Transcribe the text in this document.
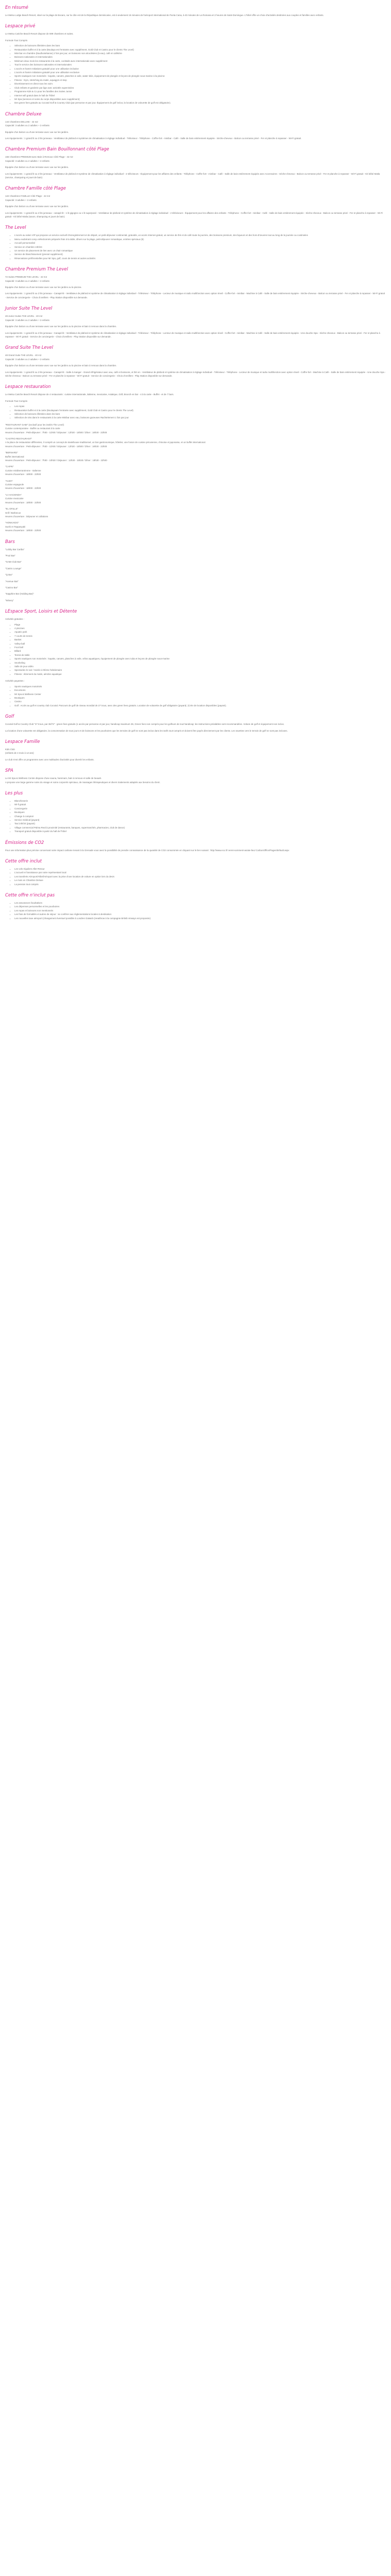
En résumé

Le Metsu Lodge Beach Resort, situé sur la plage de Bocaro, sur la côte est de la République dominicaine, est à seulement 15 minutes de l'aéroport international de Punta Cana, à 40 minutes de La Romana et 2 heures de Saint-Domingue. L'hôtel offre un choix d'activités destinées aux couples et familles avec enfants.

Lespace privé

Le Metsu Cariche Beach Resort dispose de 599 chambres et suites.

Formule Tout Compris

• Sélection de boissons illimitées dans les bars
• Restauration buffet et à la carte (Boulaya est l'entrante avec supplément, Gold Club et Castro pour le clients The Level)
• Mini-bar en chambre (Eau/boisétanne) 2 fois par jour, en boissons non alcoolisées (à eau), café et cafétière
• Boissons nationales et internationales
• Minimum deux mois les restaurants à la carte, cocktails avec internationale avec supplément
• Tout le service des boissons nationales et internationales
• L'accès et hamm Initiations gratuité pour une utilisation inclusive
• L'accès et hamm Initiations gratuité pour une utilisation exclusive
• Sports nautiques non motorisés : kayaks, canoës, planches à voile, water skiis, équipement de plongée et leçons de plongée sous-marine à la piscine
• Fitness : Gym, stretching du matin, aquagym et step
• Divertissement en direct tous les soirs
• Club enfants et garderie par âge avec activités supervisées
• Programme Kids & Co pour les familles des Suites Junior
• Internet wifi gratuit dans le hall de l'hôtel
• Mr Spa (services et soins du corps disponibles avec supplément)
• Des green fees gratuits au Cocotal Golf & Country Club (par personne et par jour. Équipement de golf inclus, la location de voiturette de golf est obligatoire).
Chambre Deluxe

144 Chambres DELUXE - 42 m2
Capacité: 3 adultes ou 2 adultes + 2 enfants

Équipée d'un balcon ou d'une terrasse avec vue sur les jardins.

Les équipements : 1 grand lit ou 2 lits jumeaux - Ventilateur de plafond et systèmes de climatisation à réglage individuel - Téléviseur - Téléphone - Coffre-fort - minibar - Café - Salle de bain entièrement équipée - Sèche-cheveux - Balcon ou terrasse privé - Fer et planche à repasser - Wi-Fi gratuit.

Chambre Premium Bain Bouillonnant côté Plage

166 Chambres PREMIUM avec Bain à Remous Côté Plage - 42 m2
Capacité: 3 adultes ou 2 adultes + 2 enfants

Équipée d'un balcon ou d'une terrasse avec vue sur les jardins.

Les équipements : 1 grand lit ou 2 lits jumeaux - Ventilateur de plafond et système de climatisation à réglage individuel - 2 téléviseurs - Équipement pour les affaires des enfants - Téléphone - Coffre-fort - minibar - Café - Salle de bain entièrement équipée avec Accessoires - Sèche-cheveux - Balcon ou terrasse privé - Fer et planche à repasser - Wi-Fi gratuit - Kit bébé Matla (service, champoing et jouet de bain)

Chambre Famille côté Plage

122 Chambres FAMILLE Côté Plage - 42 m2
Capacité: 3 adultes + 2 enfants

Équipée d'un balcon ou d'une terrasse avec vue sur les jardins.

Les équipements : 1 grand lit ou 2 lits jumeaux - canapé-lit - 1 lit gigogne ou 1 lit superposé - Ventilateur de plafond et système de climatisation à réglage individuel - 2 téléviseurs - Équipement pour les affaires des enfants - Téléphone - Coffre-fort - minibar - Café - Salle de bain entièrement équipée - Sèche-cheveux - Balcon ou terrasse privé - Fer et planche à repasser - Wi-Fi gratuit - Kit bébé Matla (savon, shampoing et jouet de bain)

The Level
• L'accès au salon VIP qui propose un service exclusif d'enregistrement et de départ, un petit-déjeuner continental, gratuités, un accès Internet gratuit, un service de thé et de café toute la journée, des boissons premium, des liqueurs et des hors-d'œuvres tout au long de la journée ou coxtimeles
• Menu exubérant conçu sélectionnés préparés frais à la table, dîners sur la plage, petit-déjeuner romantique, entrées spéciaux (8)
• Accueil personnalisé
• Service en chambre 24h/24
• Un service de placement de lien avec un chair romantique
• Service de blanchissement (pressé supplément)
• Réservations préférentielles pour Mr Spa, golf, cours de tennis et autres activités
Chambre Premium The Level

72 Suites PREMIUM THE LEVEL - 42 m2
Capacité: 3 adultes ou 2 adultes + 2 enfants

Équipée d'un balcon ou d'une terrasse avec vue sur les jardins ou la piscine.

Les équipements : 1 grand lit ou 2 lits jumeaux - Canapé-lit - Ventilateur de plafond et système de climatisation à réglage individuel - Téléviseur - Téléphone - Lecteur de musique et radio multifonction avec option réveil - Coffre-fort - minibar - Machine à Café - Salle de bain entièrement équipée - Sèche-cheveux - Balcon ou terrasse privé - Fer et planche à repasser - Wi-Fi gratuit - Service de conciergerie - Choix d'oreillers - Play Station disponible sur demande.

Junior Suite The Level

48 Junior Suites THE LEVEL - 40 m2
Capacité: 3 adultes ou 2 adultes + 2 enfants

Équipée d'un balcon ou d'une terrasse avec vue sur les jardins ou la piscine et bain à remous dans la chambre.

Les équipements : 1 grand lit ou 2 lits jumeaux - Canapé-lit - Ventilateur de plafond et système de climatisation à réglage individuel - Téléviseur - Téléphone - Lecteur de musique et radio multifonction avec option réveil - Coffre-fort - minibar - Machine à Café - Salle de bain entièrement équipée - Une douche Spa - Sèche-cheveux - Balcon ou terrasse privé - Fer et planche à repasser - Wi-Fi gratuit - Service de conciergerie - Choix d'oreillers - Play Station disponible sur demande.

Grand Suite The Level

48 Grand Suite THE LEVEL - 40 m2
Capacité: 3 adultes ou 2 adultes + 2 enfants

Équipée d'un balcon ou d'une terrasse avec vue sur les jardins ou la piscine et bain à remous dans la chambre.

Les équipements : 1 grand lit ou 2 lits jumeaux - Canapé-lit - Salle à manger - Grand réfrigérateur avec eau, café et boissons, et thé en - Ventilateur de plafond et système de climatisation à réglage individuel - Téléviseur - Téléphone - Lecteur de musique et radio multifonction avec option réveil - Coffre-fort - Machine à Café - Salle de bain entièrement équipée - Une douche Spa - Sèche-cheveux - Balcon ou terrasse privé - Fer et planche à repasser - Wi-Fi gratuit - Service de conciergerie - Choix d'oreillers - Play Station disponible sur demande.

Lespace restauration

Le Metsu Cariche Beach Resort dispose de 4 restaurants : cuisine internationale, italienne, mexicaine, Asiatique, Grill, Brunch en bar - 4 à la carte - Buffet - et de 7 bars.

Formule Tout Compris

• Les repas
• Restauration buffet et à la carte (Boulayaam l'entrante avec supplément, Gold Club et Castro pour le clients The Level)
• Sélection de boissons illimitées dans les bars
• Sélection de vins dans le restaurants à la carte Minibar avec eau, boissons gazeuses Rachtelement 1 fois par jour

"RESTAURANT GABI" (exclusif pour les invités The Level)
Cuisine contemporaine - Buffet ou restaurant à la carte
Heures d'ouverture : Petit-déjeuner : 7h00 - 11h00 / Déjeuner : 12h30 - 16h00 / Dîner : 18h30 - 22h00

"CASTRO RESTAURANT"
A la place de restauration différentes, il comprit un concept de steakhouse traditionnel, un bar gastronomique, hôtelier, une fusion de cuisine péruvienne, chinoise et japonaise, et un buffet international.
Heures d'ouverture : Petit-déjeuner : 7h00 - 11h00 / Déjeuner : 12h30 - 16h00 / Dîner : 18h30 - 22h00

"BERNARD"
Buffet international
Heures d'ouverture : Petit-déjeuner : 7h00 - 10h30 / Déjeuner : 12h30 - 15h30 / Dîner : 18h30 - 22h00

"CAPRI"
Cuisine méditerranéenne - Italienne
Heures d'ouverture : 18h00 - 22h00

"ALMA"
Cuisine espagnole
Heures d'ouverture : 18h00 - 22h00

"LA HACIENDA"
Cuisine mexicaine
Heures d'ouverture : 18h00 - 22h00

"EL GRILLE"
Grill / Barbecue
Heures d'ouverture : Déjeuner et collations

"HONKAIDO"
Sushi et Teppanyaki
Heures d'ouverture : 18h00 - 22h00

Bars

"Lobby Bar Cariba"

"Pool Bar"

"GABI Club Bar"

"Castro Lounge"

"Q Bar"

"Avenue Bar"

"Casino Bar"

"Sapphire Bar (Holding Bar)"

"Winery"

LEspace Sport, Loisirs et Détente

Activités gratuites :

• Plage
• 4 piscines
• Aquatic park
• 7 courts de tennis
• Basket
• Volley-ball
• Foot ball
• Billard
• Tennis de table
• Sports nautiques non motorisés : kayaks, canoës, planches à voile, vélos aquatiques, équipement de plongée avec tuba et leçons de plongée sous-marine
• Snorkeling
• Salle de jeux vidéo
• Spectacles le soir / Soirée à thème hebdomaire
• Fitness : étirement du matin, aérobic aquatique

Activités payantes :

• Sports nautiques motorisés
• Excursions
• Mr Spa & Wellness Center
• Boutiques
• Casino
• Golf : Accès au golf et country club Cocotal. Parcours de golf de niveau mondial de 27 trous, avec des green fees gratuits. Location de voiturette de golf obligatoire (payant). (Crée de location disponibles (payant).
Golf

Cocotal Golf & Country Club "27 trous, par 36/72" : green fees gratuits (1 accès par personne et par jour, handicap maximum 36, Green fees non compris pour les golfeurs de tout handicap; les instructions préalables sont recommandées. Voiture de golf et équipement non inclus.

La location d'une voiturette est obligatoire, la consommation de tous jours et de boissons et les pourboires que les terrains de golf ne sont pas inclus dans les tarifs tout-compris et doivent être payés directement par les clients. Les navettes vers le terrain de golf ne sont pas incluses.

Lespace Famille

Kids Club
(enfants de 4 mois à 12 ans)

Le club s'est offre un programme avec une multitudes d'activités pour divertir les enfants.

SPA

Le Mr Spa & Wellness Centre dispose d'une sauna, hammam, bain à remous et salle de beauté.
A propose une large gamme soins du visage et soins corporels spéciaux, de massages thérapeutiques et divers traitements adaptés aux besoins du client.

Les plus
• Blanchisserie
• Wi-fi gratuit
• Conciergerie
• Boutiques
• Change à comptoir
• Service médical (payant)
• Taxi 24h/24 (payant)
• Village commercial Palma Real à proximité (restaurants, banques, supermarchés, pharmacies, club de dance)
• Transport gratuit disponible à partir du hall de l'hôtel
Émissions de CO2

Pour une information plus précise concernant notre impact carbone tenant à la Grenade vous avez la possibilité de prendre connaissance de la quantité de CO2 consommée en cliquant sur le lien suivant : http://www.eco.fr/ eeret-somment-aviate-lieu/ CarbonOffice/Pages/default.aspx

Cette offre inclut
• Les vols réguliers Aller-Retour
• L'accueil et l'assistance par notre représentant local
• Les transferts Aéroport/Hôtel/Aéroport avec la prise d'une location de voiture en option lors du devis
• Le mois en Chambre Deluxe
• La pension tout compris
Cette offre n'inclut pas
• Les assurances facultatives
• Les dépenses personnelles et les pourboires
• Les repas et boissons non mentionnés
• Les frais de formalités et autres de séjour : se conférer aux réglementations locales à destination
• Les nouvelles taxe aéroport (changement éventuel possible à Londres Gatwick (Heathrow à la compagnie British Airways est proposée)
